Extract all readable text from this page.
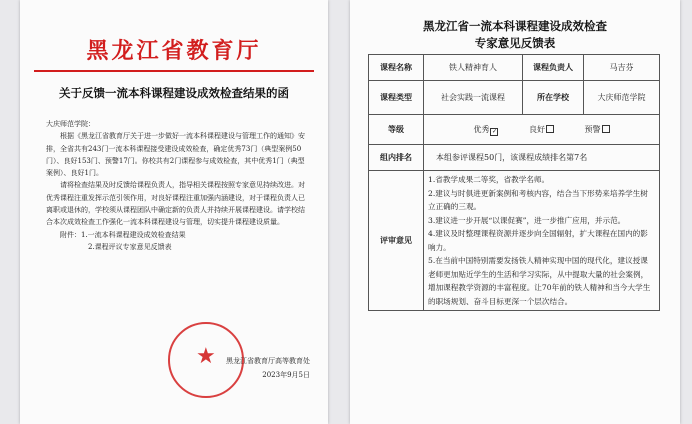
黑龙江省教育厅
关于反馈一流本科课程建设成效检查结果的函

大庆师范学院：

根据《黑龙江省教育厅关于进一步做好一流本科课程建设与管理工作的通知》安排，全省共有243门一流本科课程接受建设成效检查，确定优秀73门（典型案例50门）、良好153门、预警17门。你校共有2门课程参与成效检查，其中优秀1门（典型案例）、良好1门。

请将检查结果及时反馈给课程负责人，指导相关课程按照专家意见持续改进。对优秀课程注重发挥示范引领作用，对良好课程注重加强内涵建设，对于课程负责人已离职或退休的，学校须从课程团队中确定新的负责人并持续开展课程建设。请学校结合本次成效检查工作强化一流本科课程建设与管理，切实提升课程建设质量。

附件：1.一流本科课程建设成效检查结果

2.课程评议专家意见反馈表

★	黑龙江省教育厅高等教育处
2023年9月5日
黑龙江省一流本科课程建设成效检查
专家意见反馈表
课程名称	铁人精神育人	课程负责人	马吉芬
课程类型	社会实践一流课程	所在学校	大庆师范学院
等级	优秀 ✓ 良好 预警		
组内排名	本组参评课程50门，该课程成绩排名第7名		
评审意见	1.省教学成果二等奖，省教学名师。

2.建议与时俱进更新案例和考核内容，结合当下形势来培养学生树立正确的三观。

3.建议进一步开展“以课促赛”，进一步推广应用，并示范。

4.建议及时整理课程资源并逐步向全国辐射，扩大课程在国内的影响力。

5.在当前中国特别需要发扬铁人精神实现中国的现代化，建议授课老师更加贴近学生的生活和学习实际，从中提取大量的社会案例，增加课程教学资源的丰富程度。让70年前的铁人精神和当今大学生的职场规划、奋斗目标更深一个层次结合。		
